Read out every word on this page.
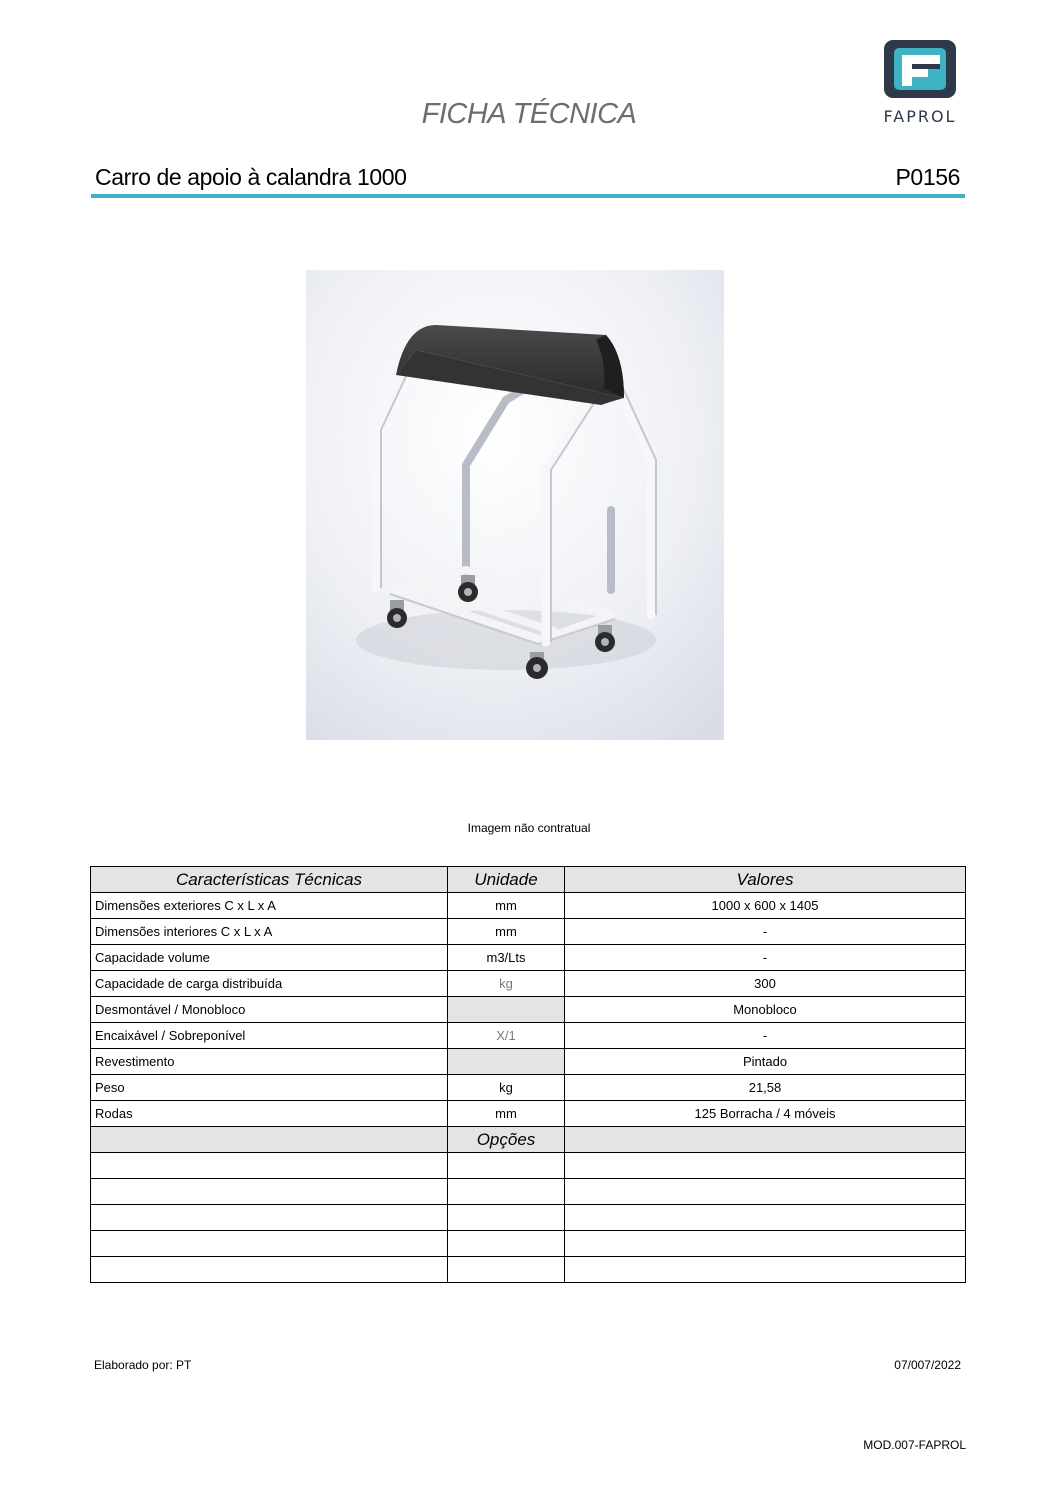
FAPROL
FICHA TÉCNICA
Carro de apoio à calandra 1000	P0156
Imagem não contratual
Características Técnicas	Unidade	Valores
Dimensões exteriores C x L x A	mm	1000 x 600 x 1405
Dimensões interiores C x L x A	mm	-
Capacidade volume	m3/Lts	-
Capacidade de carga distribuída	kg	300
Desmontável / Monobloco		Monobloco
Encaixável / Sobreponível	X/1	-
Revestimento		Pintado
Peso	kg	21,58
Rodas	mm	125 Borracha / 4 móveis
	Opções	

Elaborado por: PT	07/007/2022
MOD.007-FAPROL
